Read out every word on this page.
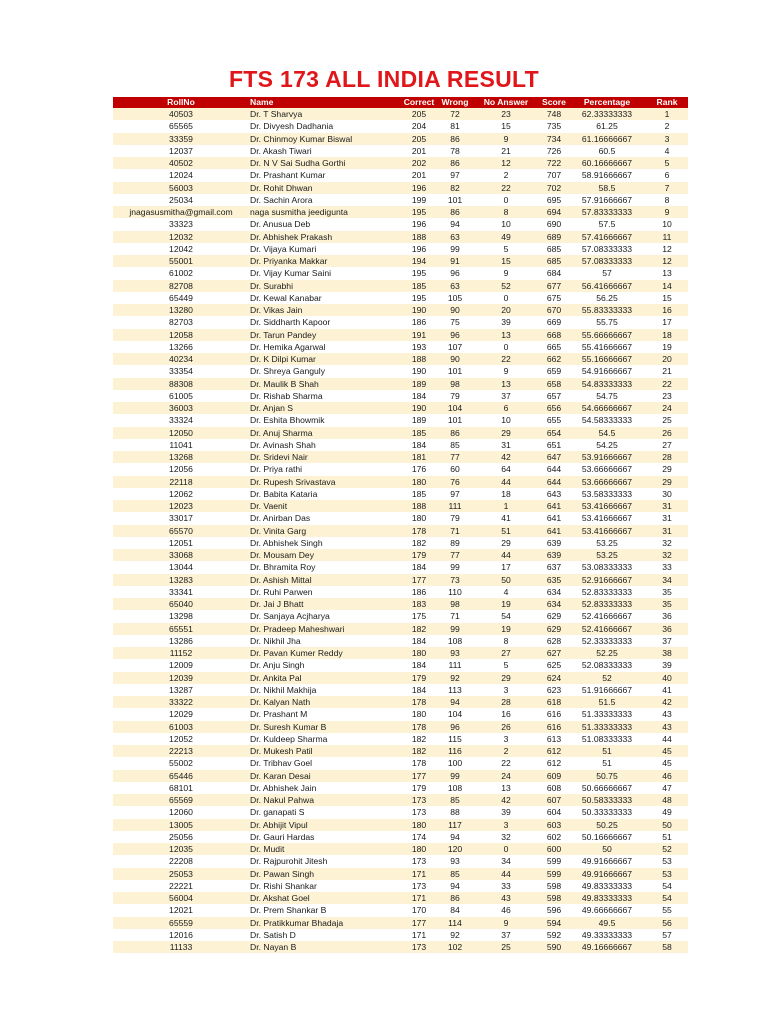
FTS 173 ALL INDIA RESULT
RollNo	Name	Correct	Wrong	No Answer	Score	Percentage	Rank
40503	Dr. T Sharvya	205	72	23	748	62.33333333	1
65565	Dr. Divyesh Dadhania	204	81	15	735	61.25	2
33359	Dr. Chinmoy Kumar Biswal	205	86	9	734	61.16666667	3
12037	Dr. Akash Tiwari	201	78	21	726	60.5	4
40502	Dr. N V Sai Sudha Gorthi	202	86	12	722	60.16666667	5
12024	Dr. Prashant Kumar	201	97	2	707	58.91666667	6
56003	Dr. Rohit Dhwan	196	82	22	702	58.5	7
25034	Dr. Sachin Arora	199	101	0	695	57.91666667	8
jnagasusmitha@gmail.com	naga susmitha jeedigunta	195	86	8	694	57.83333333	9
33323	Dr. Anusua Deb	196	94	10	690	57.5	10
12032	Dr. Abhishek Prakash	188	63	49	689	57.41666667	11
12042	Dr. Vijaya Kumari	196	99	5	685	57.08333333	12
55001	Dr. Priyanka Makkar	194	91	15	685	57.08333333	12
61002	Dr. Vijay Kumar Saini	195	96	9	684	57	13
82708	Dr. Surabhi	185	63	52	677	56.41666667	14
65449	Dr. Kewal Kanabar	195	105	0	675	56.25	15
13280	Dr. Vikas Jain	190	90	20	670	55.83333333	16
82703	Dr. Siddharth Kapoor	186	75	39	669	55.75	17
12058	Dr. Tarun Pandey	191	96	13	668	55.66666667	18
13266	Dr. Hemika Agarwal	193	107	0	665	55.41666667	19
40234	Dr. K Dilpi Kumar	188	90	22	662	55.16666667	20
33354	Dr. Shreya Ganguly	190	101	9	659	54.91666667	21
88308	Dr. Maulik B Shah	189	98	13	658	54.83333333	22
61005	Dr. Rishab Sharma	184	79	37	657	54.75	23
36003	Dr. Anjan S	190	104	6	656	54.66666667	24
33324	Dr. Eshita Bhowmik	189	101	10	655	54.58333333	25
12050	Dr. Anuj Sharma	185	86	29	654	54.5	26
11041	Dr. Avinash Shah	184	85	31	651	54.25	27
13268	Dr. Sridevi Nair	181	77	42	647	53.91666667	28
12056	Dr. Priya rathi	176	60	64	644	53.66666667	29
22118	Dr. Rupesh Srivastava	180	76	44	644	53.66666667	29
12062	Dr. Babita Kataria	185	97	18	643	53.58333333	30
12023	Dr. Vaenit	188	111	1	641	53.41666667	31
33017	Dr. Anirban Das	180	79	41	641	53.41666667	31
65570	Dr. Vinita Garg	178	71	51	641	53.41666667	31
12051	Dr. Abhishek Singh	182	89	29	639	53.25	32
33068	Dr. Mousam Dey	179	77	44	639	53.25	32
13044	Dr. Bhramita Roy	184	99	17	637	53.08333333	33
13283	Dr. Ashish Mittal	177	73	50	635	52.91666667	34
33341	Dr. Ruhi Parwen	186	110	4	634	52.83333333	35
65040	Dr. Jai J Bhatt	183	98	19	634	52.83333333	35
13298	Dr. Sanjaya Acjharya	175	71	54	629	52.41666667	36
65551	Dr. Pradeep Maheshwari	182	99	19	629	52.41666667	36
13286	Dr. Nikhil Jha	184	108	8	628	52.33333333	37
11152	Dr. Pavan Kumer Reddy	180	93	27	627	52.25	38
12009	Dr. Anju Singh	184	111	5	625	52.08333333	39
12039	Dr. Ankita Pal	179	92	29	624	52	40
13287	Dr. Nikhil Makhija	184	113	3	623	51.91666667	41
33322	Dr. Kalyan Nath	178	94	28	618	51.5	42
12029	Dr. Prashant M	180	104	16	616	51.33333333	43
61003	Dr. Suresh Kumar B	178	96	26	616	51.33333333	43
12052	Dr. Kuldeep Sharma	182	115	3	613	51.08333333	44
22213	Dr. Mukesh Patil	182	116	2	612	51	45
55002	Dr. Tribhav Goel	178	100	22	612	51	45
65446	Dr. Karan Desai	177	99	24	609	50.75	46
68101	Dr. Abhishek Jain	179	108	13	608	50.66666667	47
65569	Dr. Nakul Pahwa	173	85	42	607	50.58333333	48
12060	Dr. ganapati S	173	88	39	604	50.33333333	49
13005	Dr. Abhijit Vipul	180	117	3	603	50.25	50
25056	Dr. Gauri Hardas	174	94	32	602	50.16666667	51
12035	Dr. Mudit	180	120	0	600	50	52
22208	Dr. Rajpurohit Jitesh	173	93	34	599	49.91666667	53
25053	Dr. Pawan Singh	171	85	44	599	49.91666667	53
22221	Dr. Rishi Shankar	173	94	33	598	49.83333333	54
56004	Dr. Akshat Goel	171	86	43	598	49.83333333	54
12021	Dr. Prem Shankar B	170	84	46	596	49.66666667	55
65559	Dr. Pratikkumar Bhadaja	177	114	9	594	49.5	56
12016	Dr. Satish D	171	92	37	592	49.33333333	57
11133	Dr. Nayan B	173	102	25	590	49.16666667	58
